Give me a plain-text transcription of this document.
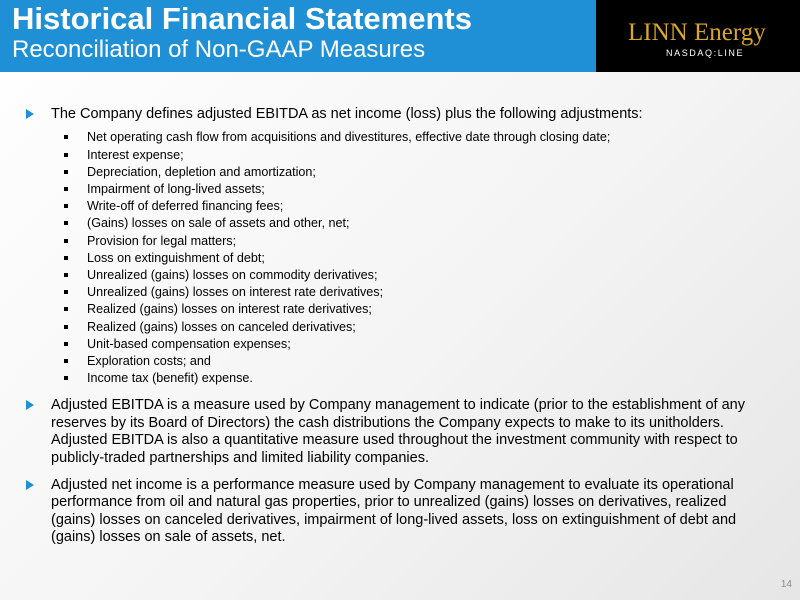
Historical Financial Statements
Reconciliation of Non-GAAP Measures
LINN Energy
NASDAQ:LINE
The Company defines adjusted EBITDA as net income (loss) plus the following adjustments:
Net operating cash flow from acquisitions and divestitures, effective date through closing date;
Interest expense;
Depreciation, depletion and amortization;
Impairment of long-lived assets;
Write-off of deferred financing fees;
(Gains) losses on sale of assets and other, net;
Provision for legal matters;
Loss on extinguishment of debt;
Unrealized (gains) losses on commodity derivatives;
Unrealized (gains) losses on interest rate derivatives;
Realized (gains) losses on interest rate derivatives;
Realized (gains) losses on canceled derivatives;
Unit-based compensation expenses;
Exploration costs; and
Income tax (benefit) expense.
Adjusted EBITDA is a measure used by Company management to indicate (prior to the establishment of any reserves by its Board of Directors) the cash distributions the Company expects to make to its unitholders. Adjusted EBITDA is also a quantitative measure used throughout the investment community with respect to publicly-traded partnerships and limited liability companies.
Adjusted net income is a performance measure used by Company management to evaluate its operational performance from oil and natural gas properties, prior to unrealized (gains) losses on derivatives, realized (gains) losses on canceled derivatives, impairment of long-lived assets, loss on extinguishment of debt and (gains) losses on sale of assets, net.
14
